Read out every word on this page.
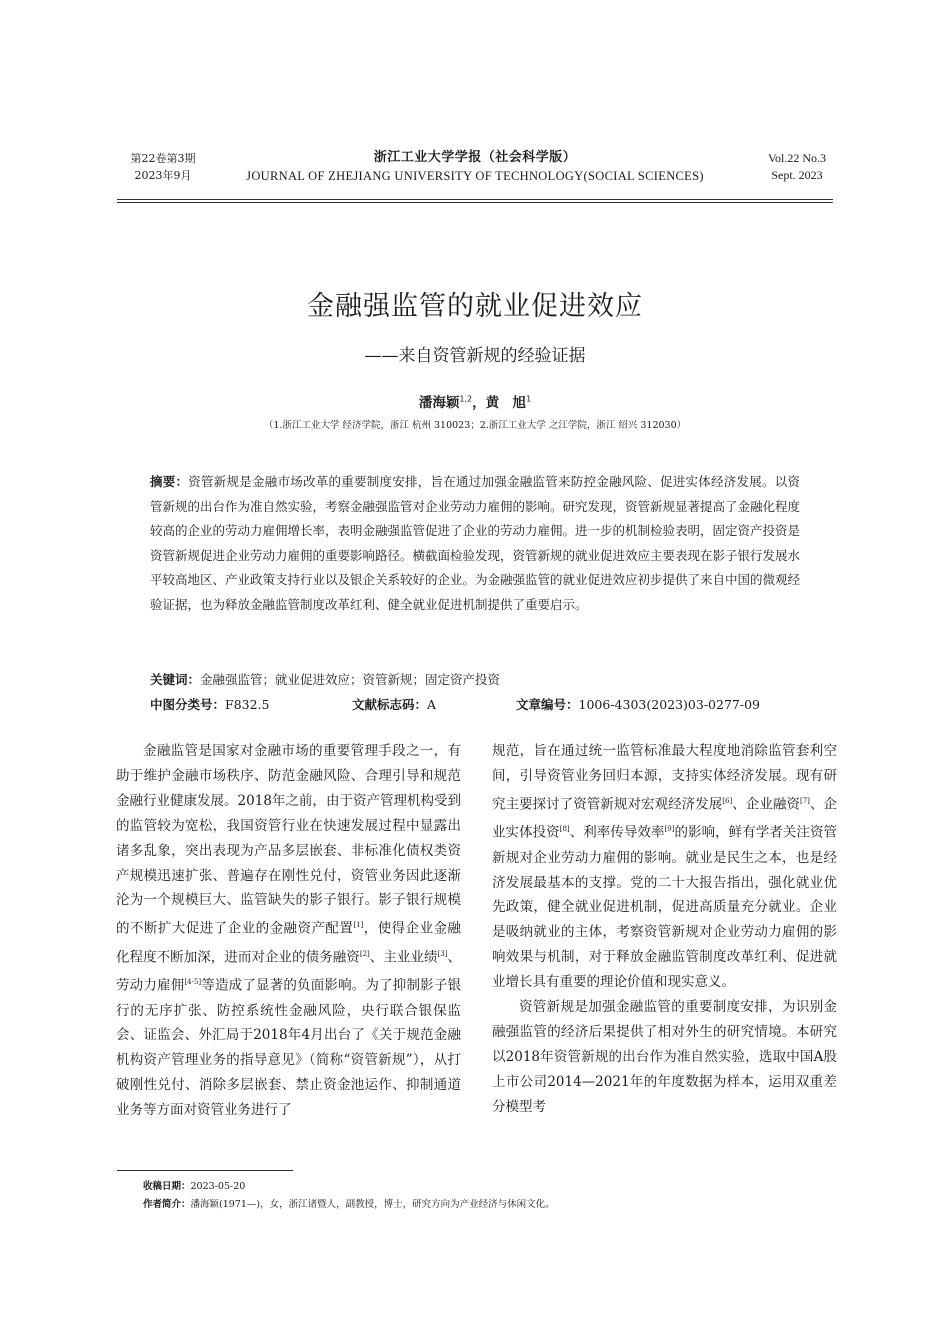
第22卷第3期
2023年9月
浙江工业大学学报（社会科学版）
JOURNAL OF ZHEJIANG UNIVERSITY OF TECHNOLOGY(SOCIAL SCIENCES)
Vol.22 No.3
Sept. 2023
金融强监管的就业促进效应
——来自资管新规的经验证据
潘海颖$^{1,2}$，黄　旭$^1$
（1.浙江工业大学 经济学院，浙江 杭州 310023；2.浙江工业大学 之江学院，浙江 绍兴 312030）
摘要：资管新规是金融市场改革的重要制度安排，旨在通过加强金融监管来防控金融风险、促进实体经济发展。以资管新规的出台作为准自然实验，考察金融强监管对企业劳动力雇佣的影响。研究发现，资管新规显著提高了金融化程度较高的企业的劳动力雇佣增长率，表明金融强监管促进了企业的劳动力雇佣。进一步的机制检验表明，固定资产投资是资管新规促进企业劳动力雇佣的重要影响路径。横截面检验发现，资管新规的就业促进效应主要表现在影子银行发展水平较高地区、产业政策支持行业以及银企关系较好的企业。为金融强监管的就业促进效应初步提供了来自中国的微观经验证据，也为释放金融监管制度改革红利、健全就业促进机制提供了重要启示。
关键词：金融强监管；就业促进效应；资管新规；固定资产投资
中图分类号：F832.5	文献标志码：A	文章编号：1006-4303(2023)03-0277-09

金融监管是国家对金融市场的重要管理手段之一，有助于维护金融市场秩序、防范金融风险、合理引导和规范金融行业健康发展。2018年之前，由于资产管理机构受到的监管较为宽松，我国资管行业在快速发展过程中显露出诸多乱象，突出表现为产品多层嵌套、非标准化债权类资产规模迅速扩张、普遍存在刚性兑付，资管业务因此逐渐沦为一个规模巨大、监管缺失的影子银行。影子银行规模的不断扩大促进了企业的金融资产配置[1]，使得企业金融化程度不断加深，进而对企业的债务融资[2]、主业业绩[3]、劳动力雇佣[4-5]等造成了显著的负面影响。为了抑制影子银行的无序扩张、防控系统性金融风险，央行联合银保监会、证监会、外汇局于2018年4月出台了《关于规范金融机构资产管理业务的指导意见》（简称“资管新规”），从打破刚性兑付、消除多层嵌套、禁止资金池运作、抑制通道业务等方面对资管业务进行了

规范，旨在通过统一监管标准最大程度地消除监管套利空间，引导资管业务回归本源，支持实体经济发展。现有研究主要探讨了资管新规对宏观经济发展[6]、企业融资[7]、企业实体投资[8]、利率传导效率[9]的影响，鲜有学者关注资管新规对企业劳动力雇佣的影响。就业是民生之本，也是经济发展最基本的支撑。党的二十大报告指出，强化就业优先政策，健全就业促进机制，促进高质量充分就业。企业是吸纳就业的主体，考察资管新规对企业劳动力雇佣的影响效果与机制，对于释放金融监管制度改革红利、促进就业增长具有重要的理论价值和现实意义。

资管新规是加强金融监管的重要制度安排，为识别金融强监管的经济后果提供了相对外生的研究情境。本研究以2018年资管新规的出台作为准自然实验，选取中国A股上市公司2014—2021年的年度数据为样本，运用双重差分模型考

收稿日期：2023-05-20
作者简介：潘海颖(1971—)，女，浙江诸暨人，副教授，博士，研究方向为产业经济与休闲文化。
